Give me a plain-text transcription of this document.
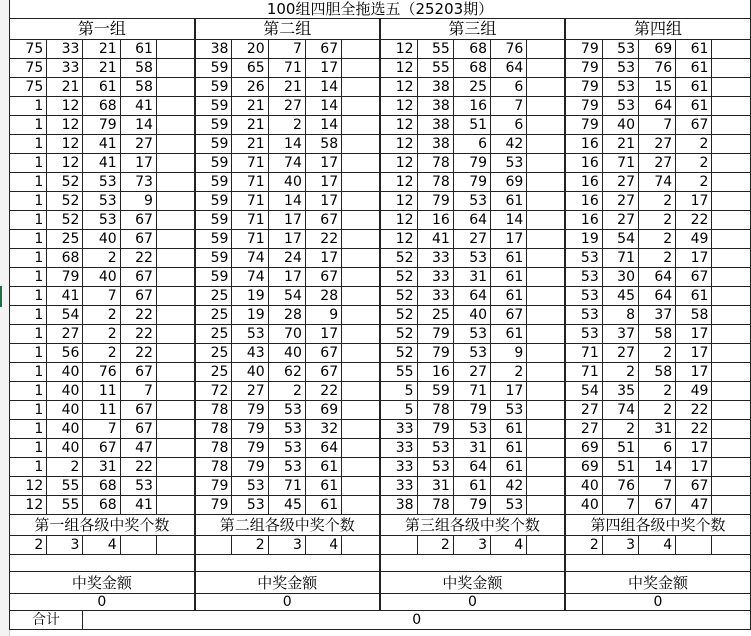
100组四胆全拖选五（25203期）																			
第一组					第二组					第三组					第四组				
75	33	21	61		38	20	7	67		12	55	68	76		79	53	69	61	
75	33	21	58		59	65	71	17		12	55	68	64		79	53	76	61	
75	21	61	58		59	26	21	14		12	38	25	6		79	53	15	61	
1	12	68	41		59	21	27	14		12	38	16	7		79	53	64	61	
1	12	79	14		59	21	2	14		12	38	51	6		79	40	7	67	
1	12	41	27		59	21	14	58		12	38	6	42		16	21	27	2	
1	12	41	17		59	71	74	17		12	78	79	53		16	71	27	2	
1	52	53	73		59	71	40	17		12	78	79	69		16	27	74	2	
1	52	53	9		59	71	14	17		12	79	53	61		16	27	2	17	
1	52	53	67		59	71	17	67		12	16	64	14		16	27	2	22	
1	25	40	67		59	71	17	22		12	41	27	17		19	54	2	49	
1	68	2	22		59	74	24	17		52	33	53	61		53	71	2	17	
1	79	40	67		59	74	17	67		52	33	31	61		53	30	64	67	
1	41	7	67		25	19	54	28		52	33	64	61		53	45	64	61	
1	54	2	22		25	19	28	9		52	25	40	67		53	8	37	58	
1	27	2	22		25	53	70	17		52	79	53	61		53	37	58	17	
1	56	2	22		25	43	40	67		52	79	53	9		71	27	2	17	
1	40	76	67		25	40	62	67		55	16	27	2		71	2	58	17	
1	40	11	7		72	27	2	22		5	59	71	17		54	35	2	49	
1	40	11	67		78	79	53	69		5	78	79	53		27	74	2	22	
1	40	7	67		78	79	53	32		33	79	53	61		27	2	31	22	
1	40	67	47		78	79	53	64		33	53	31	61		69	51	6	17	
1	2	31	22		78	79	53	61		33	53	64	61		69	51	14	17	
12	55	68	53		79	53	71	61		33	31	61	42		40	76	7	67	
12	55	68	41		79	53	45	61		38	78	79	53		40	7	67	47	
第一组各级中奖个数					第二组各级中奖个数					第三组各级中奖个数					第四组各级中奖个数				
2	3	4				2	3	4			2	3	4		2	3	4		

中奖金额					中奖金额					中奖金额					中奖金额				
0					0					0					0				
合计		0																	
